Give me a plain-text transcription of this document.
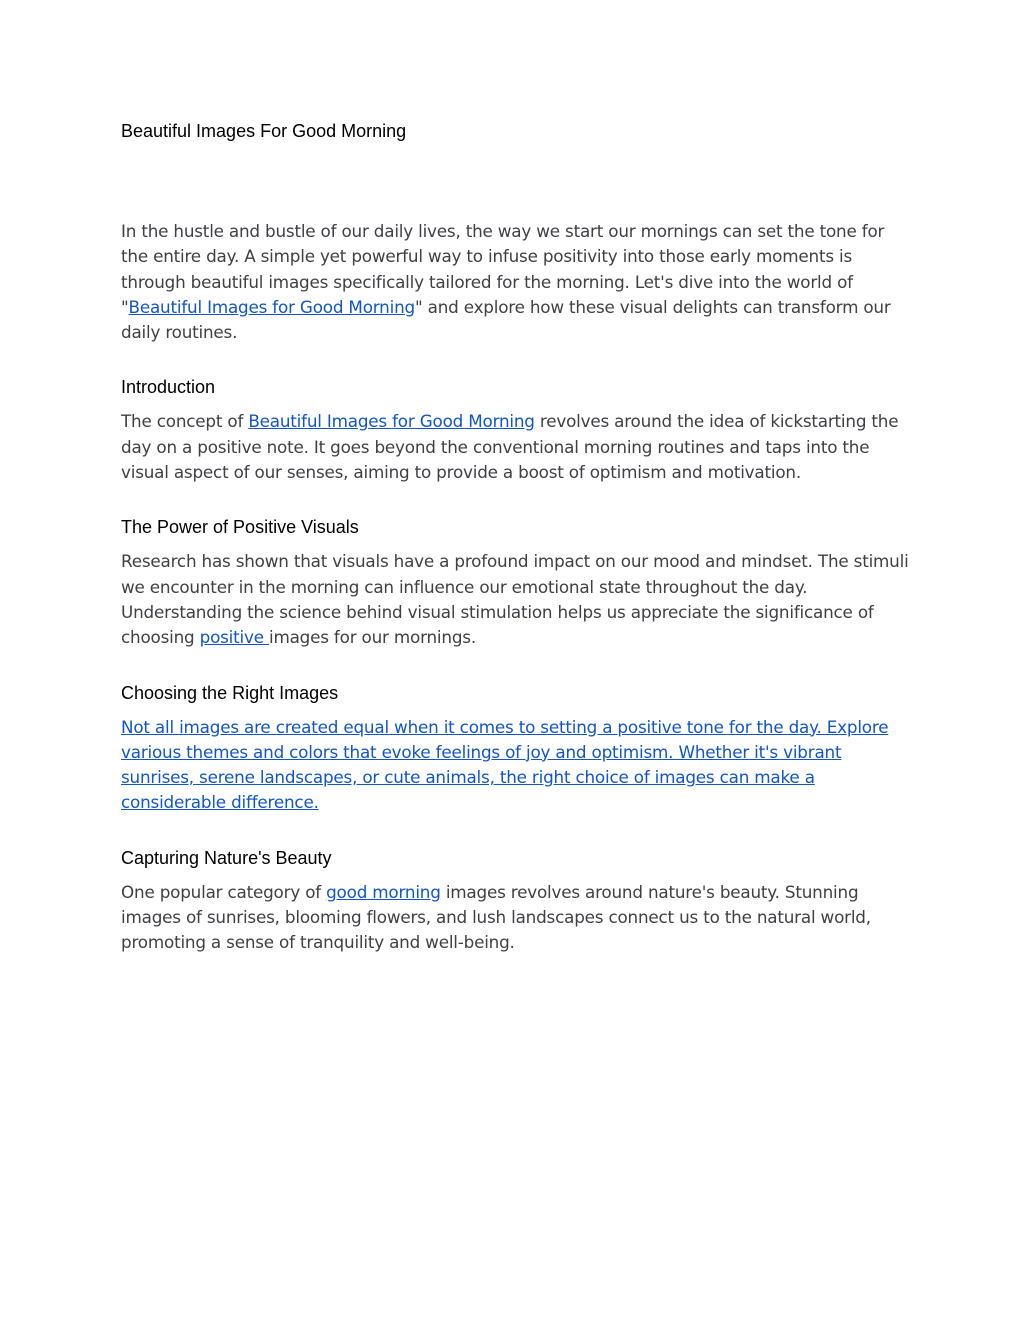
Beautiful Images For Good Morning

In the hustle and bustle of our daily lives, the way we start our mornings can set the tone for the entire day. A simple yet powerful way to infuse positivity into those early moments is through beautiful images specifically tailored for the morning. Let's dive into the world of "Beautiful Images for Good Morning" and explore how these visual delights can transform our daily routines.

Introduction

The concept of Beautiful Images for Good Morning revolves around the idea of kickstarting the day on a positive note. It goes beyond the conventional morning routines and taps into the visual aspect of our senses, aiming to provide a boost of optimism and motivation.

The Power of Positive Visuals

Research has shown that visuals have a profound impact on our mood and mindset. The stimuli we encounter in the morning can influence our emotional state throughout the day. Understanding the science behind visual stimulation helps us appreciate the significance of choosing positive images for our mornings.

Choosing the Right Images

Not all images are created equal when it comes to setting a positive tone for the day. Explore various themes and colors that evoke feelings of joy and optimism. Whether it's vibrant sunrises, serene landscapes, or cute animals, the right choice of images can make a considerable difference.

Capturing Nature's Beauty

One popular category of good morning images revolves around nature's beauty. Stunning images of sunrises, blooming flowers, and lush landscapes connect us to the natural world, promoting a sense of tranquility and well-being.
